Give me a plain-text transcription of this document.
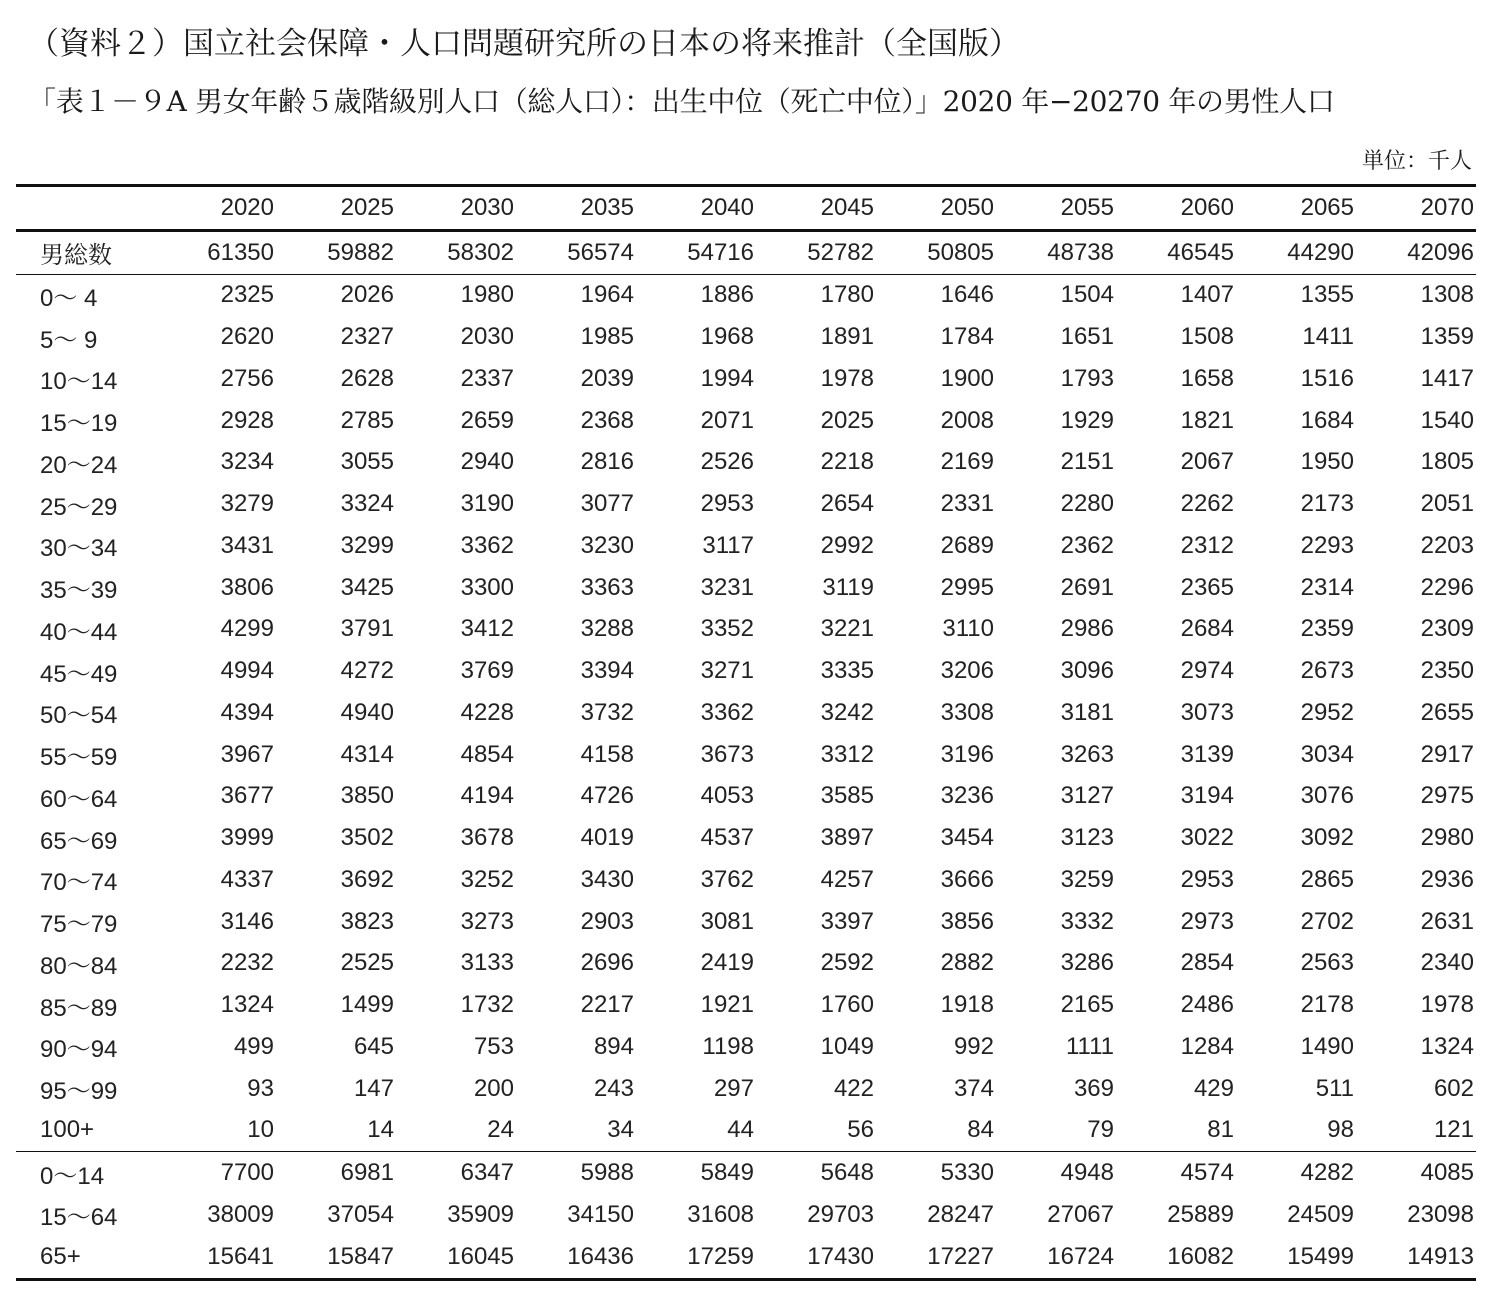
（資料２）国立社会保障・人口問題研究所の日本の将来推計（全国版）
「表１－９A 男女年齢５歳階級別人口（総人口）：出生中位（死亡中位）」2020 年−20270 年の男性人口
単位：千人
	2020	2025	2030	2035	2040	2045	2050	2055	2060	2065	2070
男総数	61350	59882	58302	56574	54716	52782	50805	48738	46545	44290	42096
0～ 4	2325	2026	1980	1964	1886	1780	1646	1504	1407	1355	1308
5～ 9	2620	2327	2030	1985	1968	1891	1784	1651	1508	1411	1359
10～14	2756	2628	2337	2039	1994	1978	1900	1793	1658	1516	1417
15～19	2928	2785	2659	2368	2071	2025	2008	1929	1821	1684	1540
20～24	3234	3055	2940	2816	2526	2218	2169	2151	2067	1950	1805
25～29	3279	3324	3190	3077	2953	2654	2331	2280	2262	2173	2051
30～34	3431	3299	3362	3230	3117	2992	2689	2362	2312	2293	2203
35～39	3806	3425	3300	3363	3231	3119	2995	2691	2365	2314	2296
40～44	4299	3791	3412	3288	3352	3221	3110	2986	2684	2359	2309
45～49	4994	4272	3769	3394	3271	3335	3206	3096	2974	2673	2350
50～54	4394	4940	4228	3732	3362	3242	3308	3181	3073	2952	2655
55～59	3967	4314	4854	4158	3673	3312	3196	3263	3139	3034	2917
60～64	3677	3850	4194	4726	4053	3585	3236	3127	3194	3076	2975
65～69	3999	3502	3678	4019	4537	3897	3454	3123	3022	3092	2980
70～74	4337	3692	3252	3430	3762	4257	3666	3259	2953	2865	2936
75～79	3146	3823	3273	2903	3081	3397	3856	3332	2973	2702	2631
80～84	2232	2525	3133	2696	2419	2592	2882	3286	2854	2563	2340
85～89	1324	1499	1732	2217	1921	1760	1918	2165	2486	2178	1978
90～94	499	645	753	894	1198	1049	992	1111	1284	1490	1324
95～99	93	147	200	243	297	422	374	369	429	511	602
100+	10	14	24	34	44	56	84	79	81	98	121
0～14	7700	6981	6347	5988	5849	5648	5330	4948	4574	4282	4085
15～64	38009	37054	35909	34150	31608	29703	28247	27067	25889	24509	23098
65+	15641	15847	16045	16436	17259	17430	17227	16724	16082	15499	14913
